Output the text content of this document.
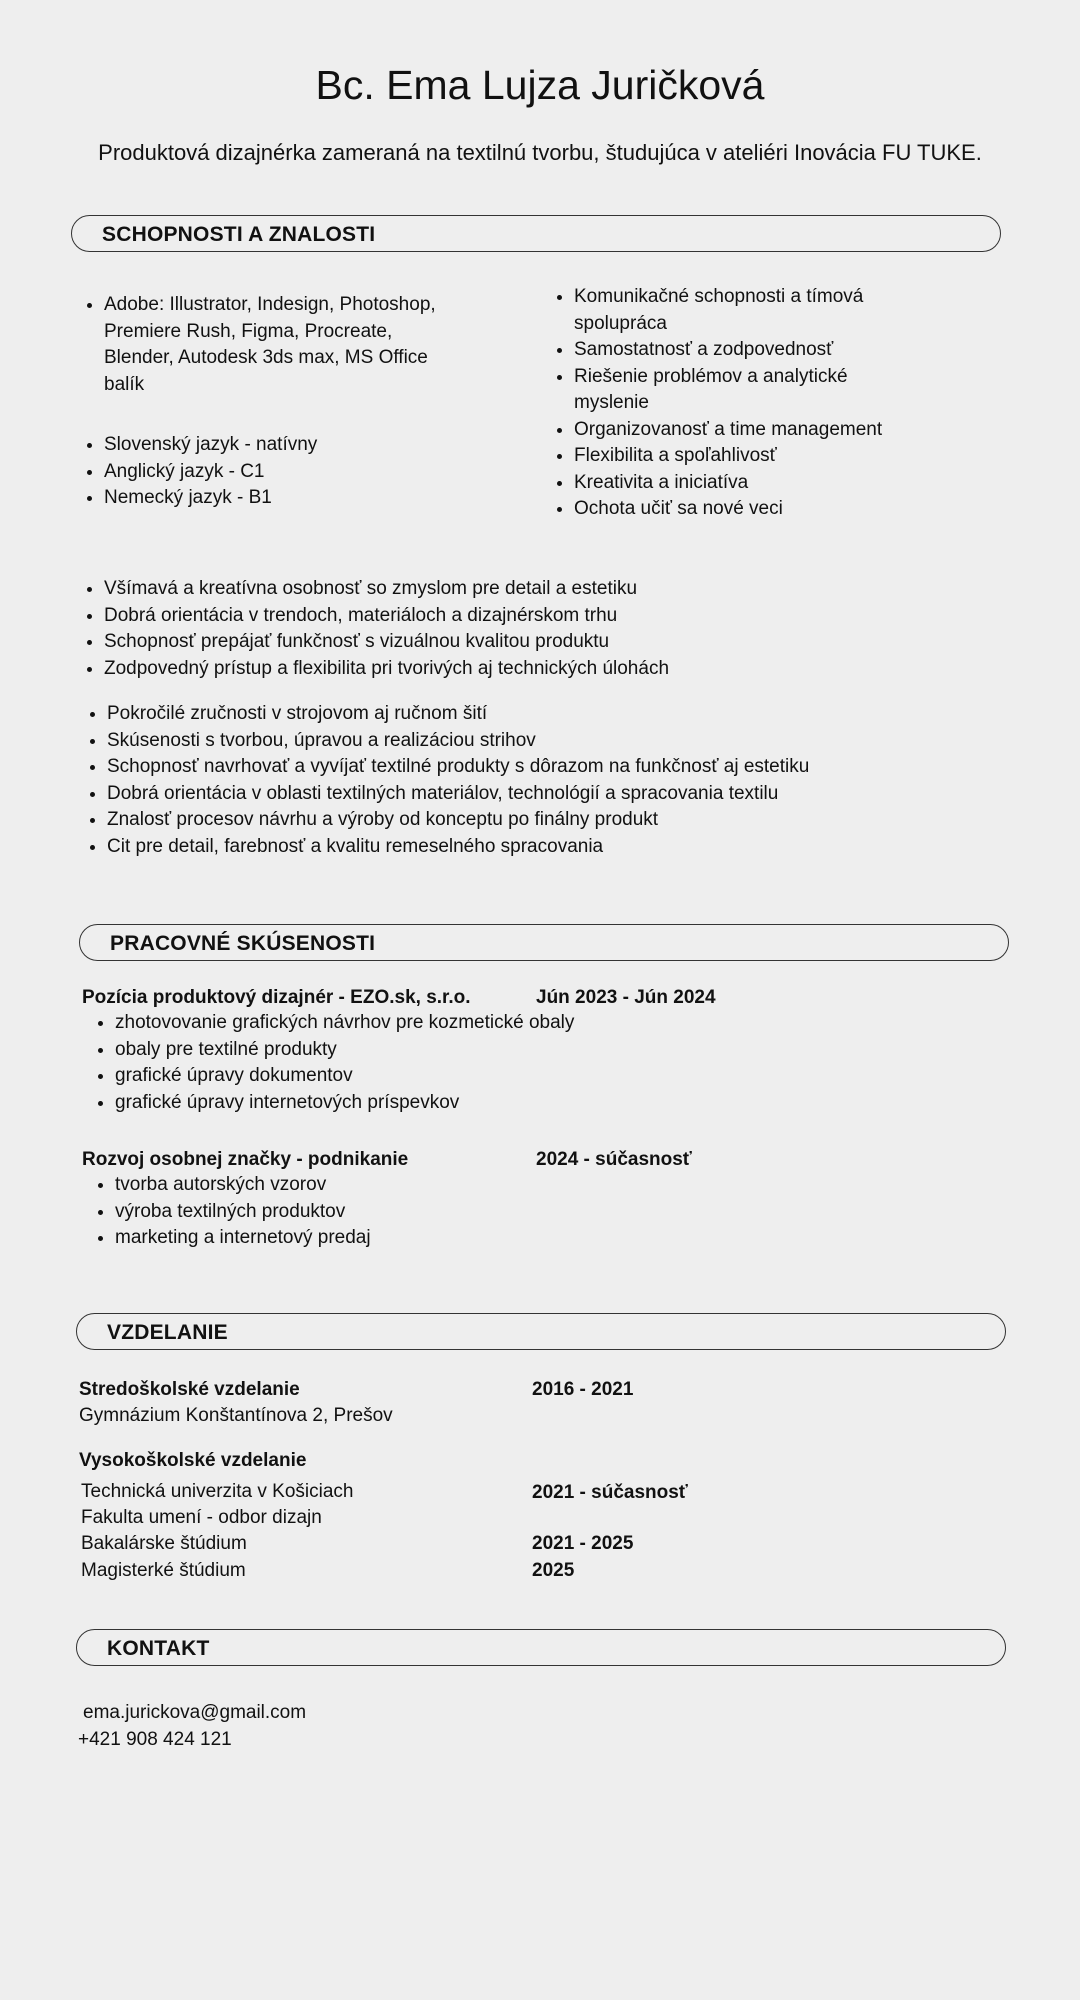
Bc. Ema Lujza Juričková

Produktová dizajnérka zameraná na textilnú tvorbu, študujúca v ateliéri Inovácia FU TUKE.

SCHOPNOSTI A ZNALOSTI
• Adobe: Illustrator, Indesign, Photoshop, Premiere Rush, Figma, Procreate, Blender, Autodesk 3ds max, MS Office balík
• Slovenský jazyk - natívny
• Anglický jazyk - C1
• Nemecký jazyk - B1
• Komunikačné schopnosti a tímová spolupráca
• Samostatnosť a zodpovednosť
• Riešenie problémov a analytické myslenie
• Organizovanosť a time management
• Flexibilita a spoľahlivosť
• Kreativita a iniciatíva
• Ochota učiť sa nové veci
• Všímavá a kreatívna osobnosť so zmyslom pre detail a estetiku
• Dobrá orientácia v trendoch, materiáloch a dizajnérskom trhu
• Schopnosť prepájať funkčnosť s vizuálnou kvalitou produktu
• Zodpovedný prístup a flexibilita pri tvorivých aj technických úlohách
• Pokročilé zručnosti v strojovom aj ručnom šití
• Skúsenosti s tvorbou, úpravou a realizáciou strihov
• Schopnosť navrhovať a vyvíjať textilné produkty s dôrazom na funkčnosť aj estetiku
• Dobrá orientácia v oblasti textilných materiálov, technológií a spracovania textilu
• Znalosť procesov návrhu a výroby od konceptu po finálny produkt
• Cit pre detail, farebnosť a kvalitu remeselného spracovania
PRACOVNÉ SKÚSENOSTI
Pozícia produktový dizajnér - EZO.sk, s.r.o.	Jún 2023 - Jún 2024
• zhotovovanie grafických návrhov pre kozmetické obaly
• obaly pre textilné produkty
• grafické úpravy dokumentov
• grafické úpravy internetových príspevkov
Rozvoj osobnej značky - podnikanie	2024 - súčasnosť
• tvorba autorských vzorov
• výroba textilných produktov
• marketing a internetový predaj
VZDELANIE
Stredoškolské vzdelanie	2016 - 2021
Gymnázium Konštantínova 2, Prešov
Vysokoškolské vzdelanie
Technická univerzita v Košiciach	2021 - súčasnosť
Fakulta umení - odbor dizajn
Bakalárske štúdium	2021 - 2025
Magisterké štúdium	2025
KONTAKT
ema.jurickova@gmail.com
+421 908 424 121
